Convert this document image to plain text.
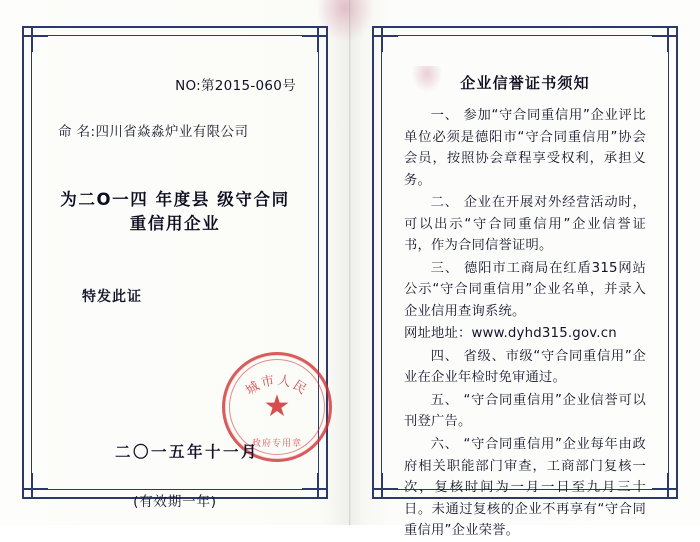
NO:第2015-060号
命 名:四川省焱淼炉业有限公司
为二O一四 年度县 级守合同重信用企业
特发此证
城市人民
★
政府专用章
二〇一五年十一月
(有效期一年)
企业信誉证书须知

一、 参加“守合同重信用”企业评比单位必须是德阳市“守合同重信用”协会会员，按照协会章程享受权利，承担义务。

二、 企业在开展对外经营活动时，可以出示“守合同重信用”企业信誉证书，作为合同信誉证明。

三、 德阳市工商局在红盾315网站公示“守合同重信用”企业名单，并录入企业信用查询系统。

网址地址：www.dyhd315.gov.cn

四、 省级、市级“守合同重信用”企业在企业年检时免审通过。

五、 “守合同重信用”企业信誉可以刊登广告。

六、 “守合同重信用”企业每年由政府相关职能部门审查，工商部门复核一次，复核时间为一月一日至九月三十日。未通过复核的企业不再享有“守合同重信用”企业荣誉。
